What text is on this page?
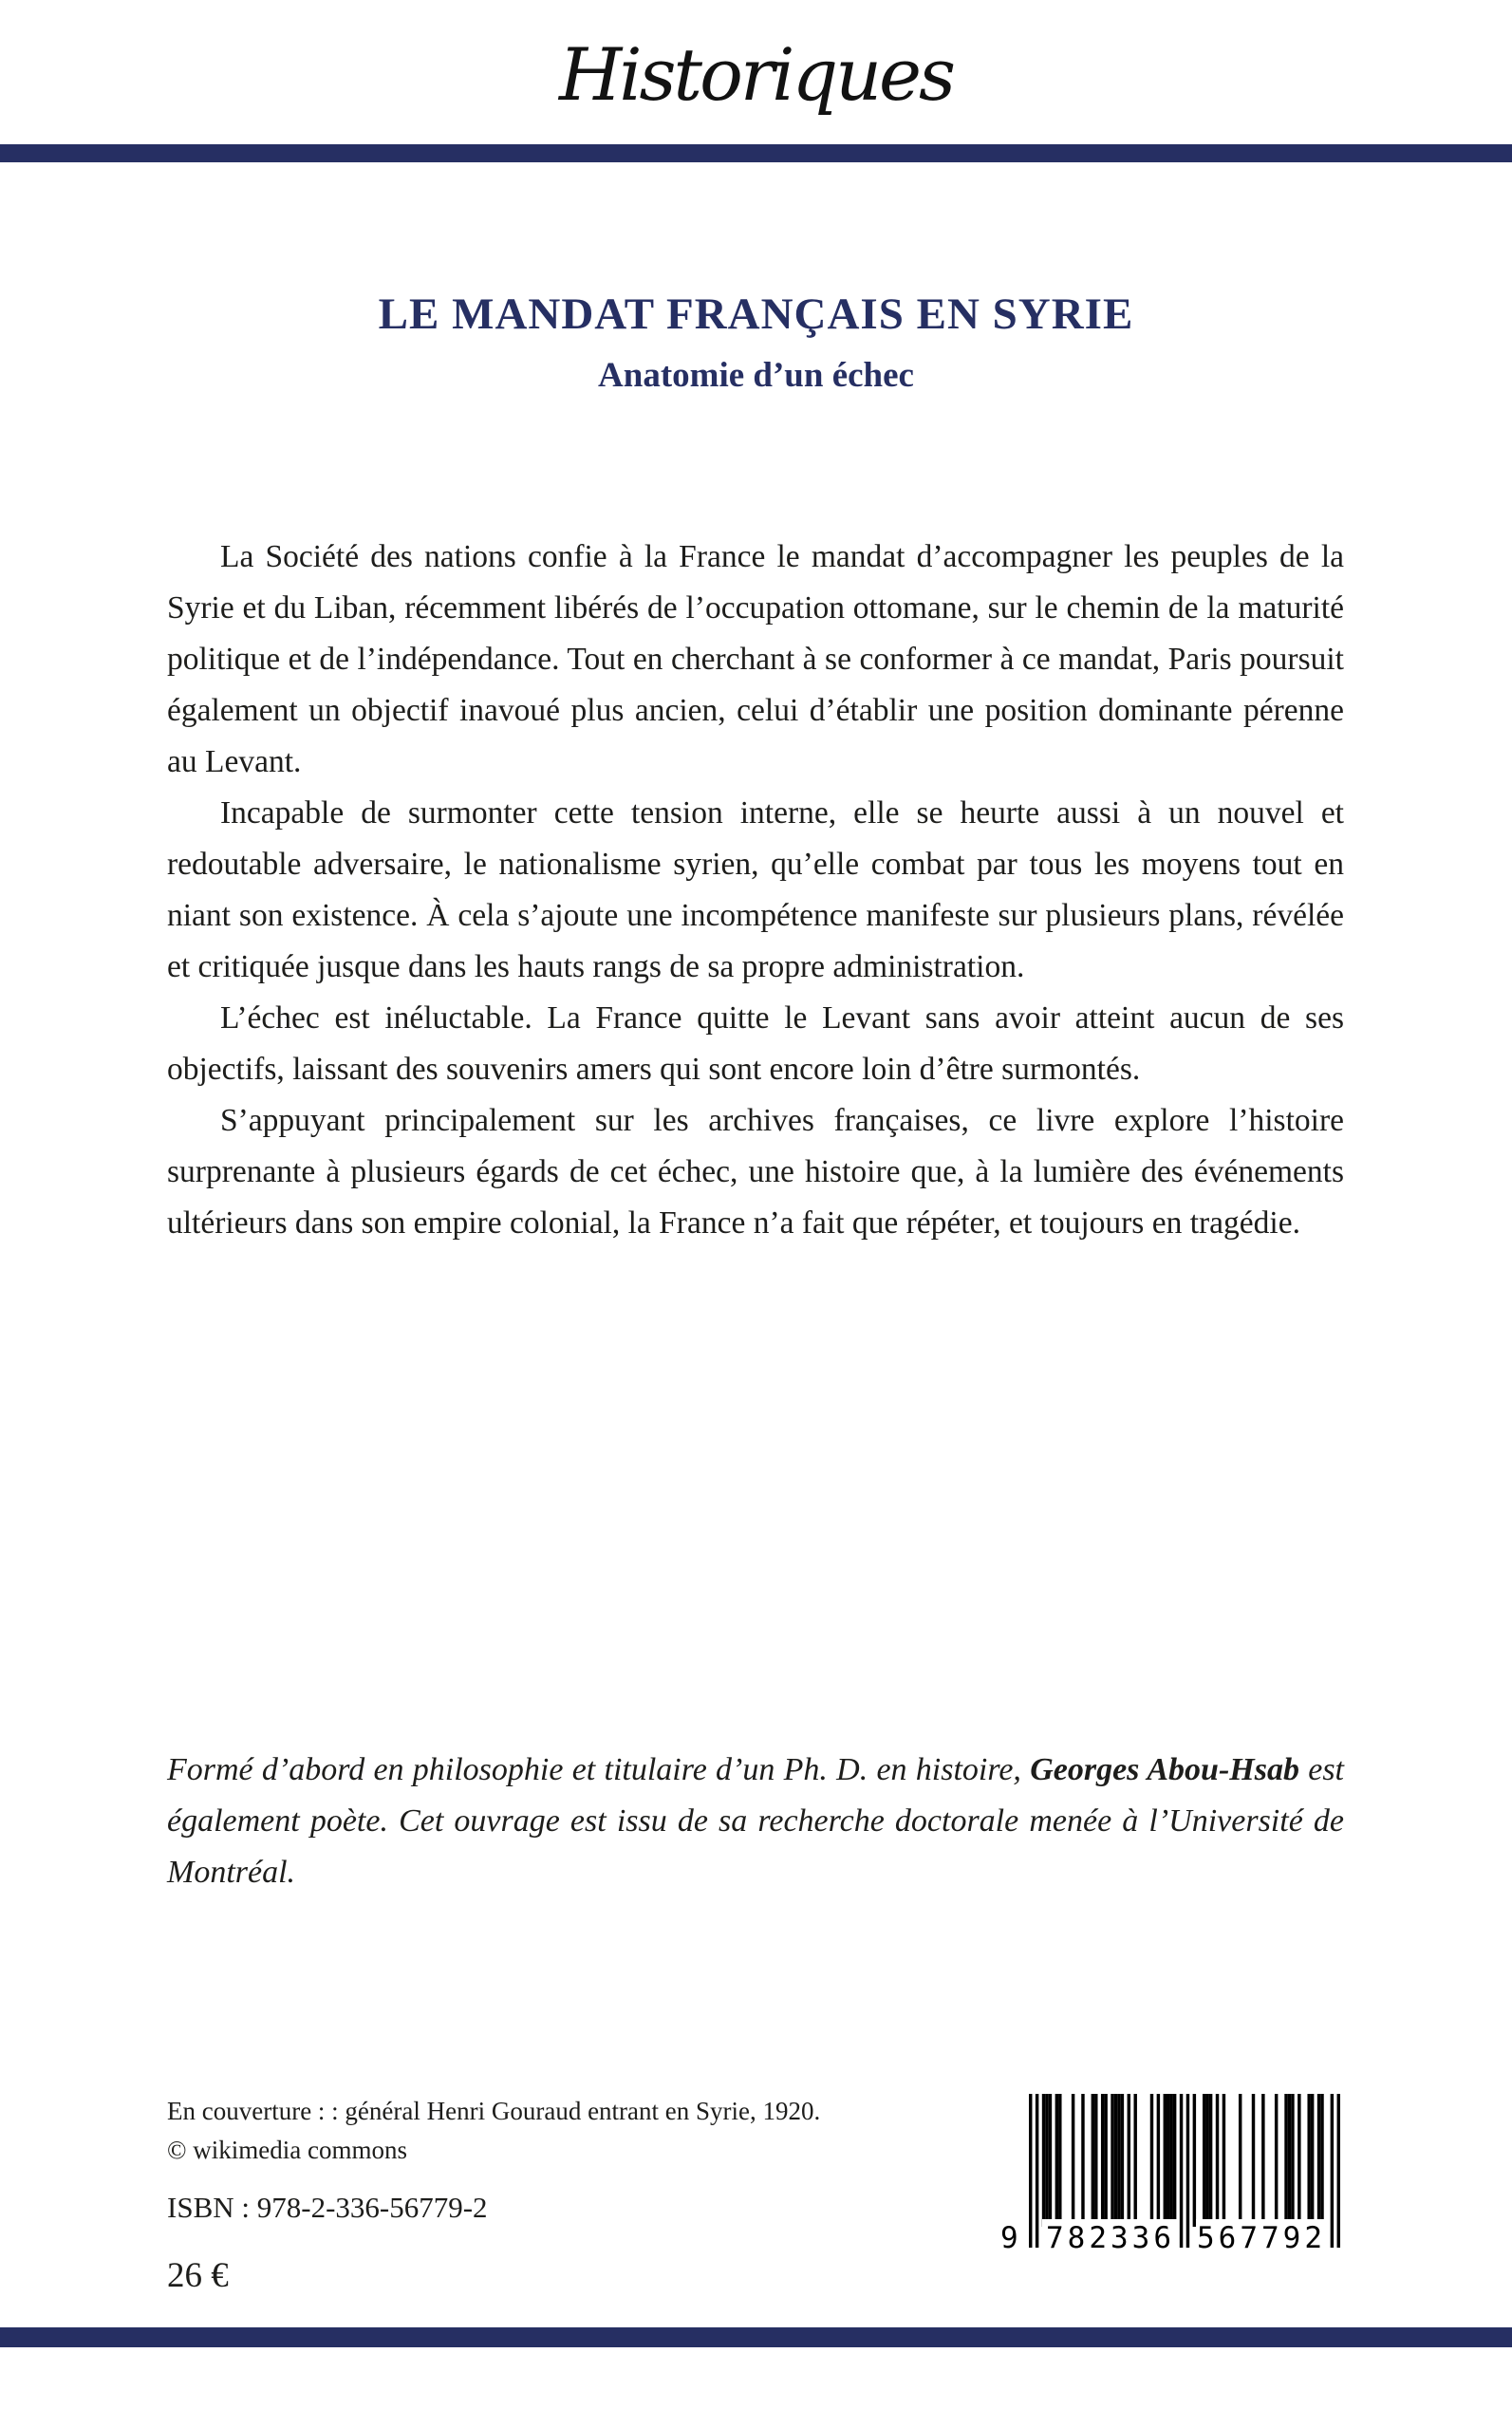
Historiques
LE MANDAT FRANÇAIS EN SYRIE
Anatomie d’un échec

La Société des nations confie à la France le mandat d’accompagner les peuples de la Syrie et du Liban, récemment libérés de l’occupation ottomane, sur le chemin de la maturité politique et de l’indépendance. Tout en cherchant à se conformer à ce mandat, Paris poursuit également un objectif inavoué plus ancien, celui d’établir une position dominante pérenne au Levant.

Incapable de surmonter cette tension interne, elle se heurte aussi à un nouvel et redoutable adversaire, le nationalisme syrien, qu’elle combat par tous les moyens tout en niant son existence. À cela s’ajoute une incompétence manifeste sur plusieurs plans, révélée et critiquée jusque dans les hauts rangs de sa propre administration.

L’échec est inéluctable. La France quitte le Levant sans avoir atteint aucun de ses objectifs, laissant des souvenirs amers qui sont encore loin d’être surmontés.

S’appuyant principalement sur les archives françaises, ce livre explore l’histoire surprenante à plusieurs égards de cet échec, une histoire que, à la lumière des événements ultérieurs dans son empire colonial, la France n’a fait que répéter, et toujours en tragédie.

Formé d’abord en philosophie et titulaire d’un Ph. D. en histoire, Georges Abou-Hsab est également poète. Cet ouvrage est issu de sa recherche doctorale menée à l’Université de Montréal.
En couverture : : général Henri Gouraud entrant en Syrie, 1920.
© wikimedia commons
ISBN : 978-2-336-56779-2
26 €
9 782336 567792
